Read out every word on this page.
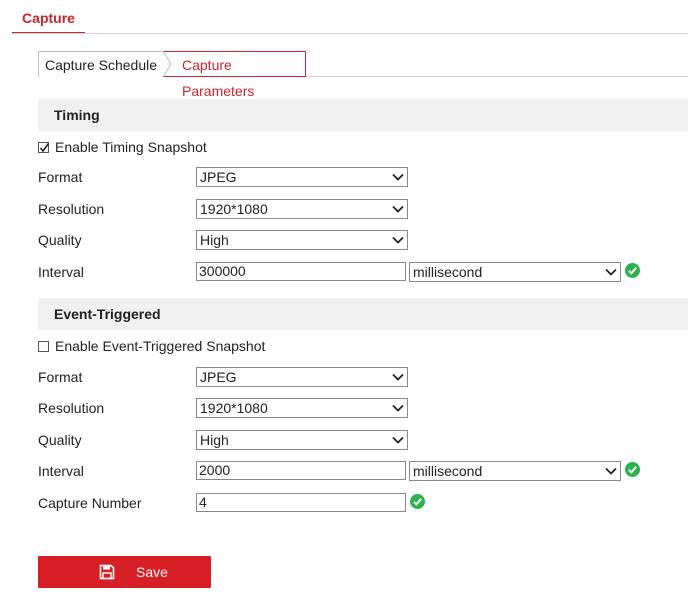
Capture
Capture Schedule	Capture Parameters
Timing
Enable Timing Snapshot
Format	JPEG
Resolution	1920*1080
Quality	High
Interval	300000	millisecond
Event-Triggered
Enable Event-Triggered Snapshot
Format	JPEG
Resolution	1920*1080
Quality	High
Interval	2000	millisecond
Capture Number	4
Save
